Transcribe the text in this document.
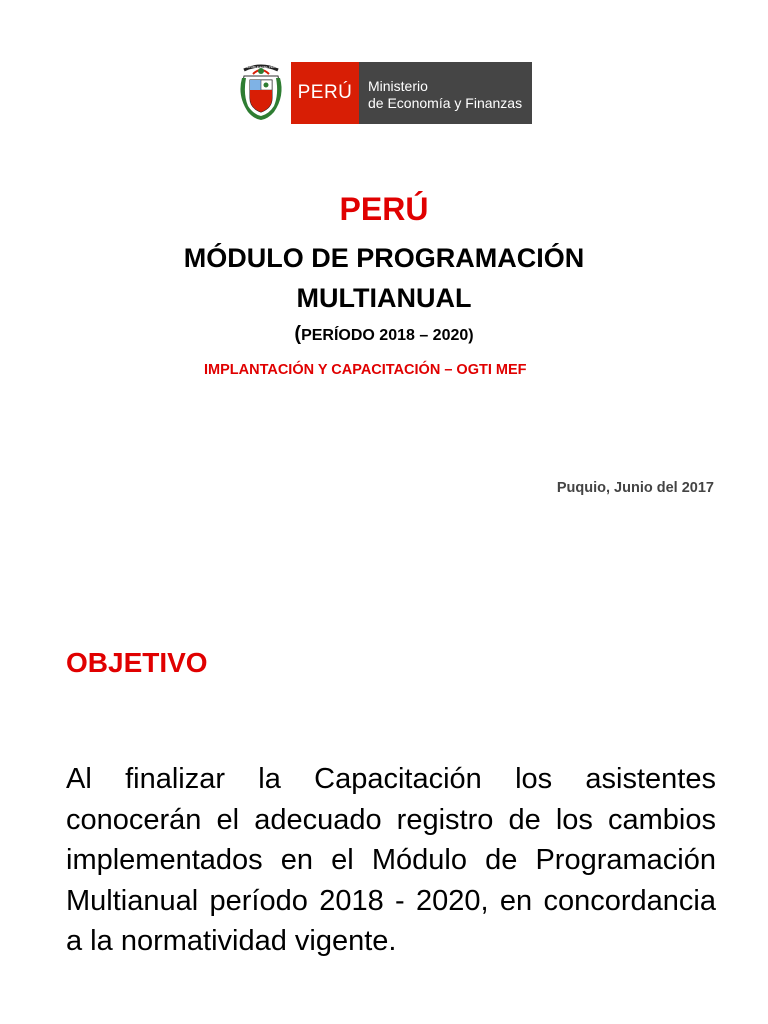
REPÚBLICA DEL PERÚ
PERÚ	Ministerio
de Economía y Finanzas
PERÚ
MÓDULO DE PROGRAMACIÓN
MULTIANUAL
(PERÍODO 2018 – 2020)
IMPLANTACIÓN Y CAPACITACIÓN – OGTI MEF
Puquio, Junio del 2017
OBJETIVO
Al finalizar la Capacitación los asistentes conocerán el adecuado registro de los cambios implementados en el Módulo de Programación Multianual período 2018 - 2020, en concordancia a la normatividad vigente.
